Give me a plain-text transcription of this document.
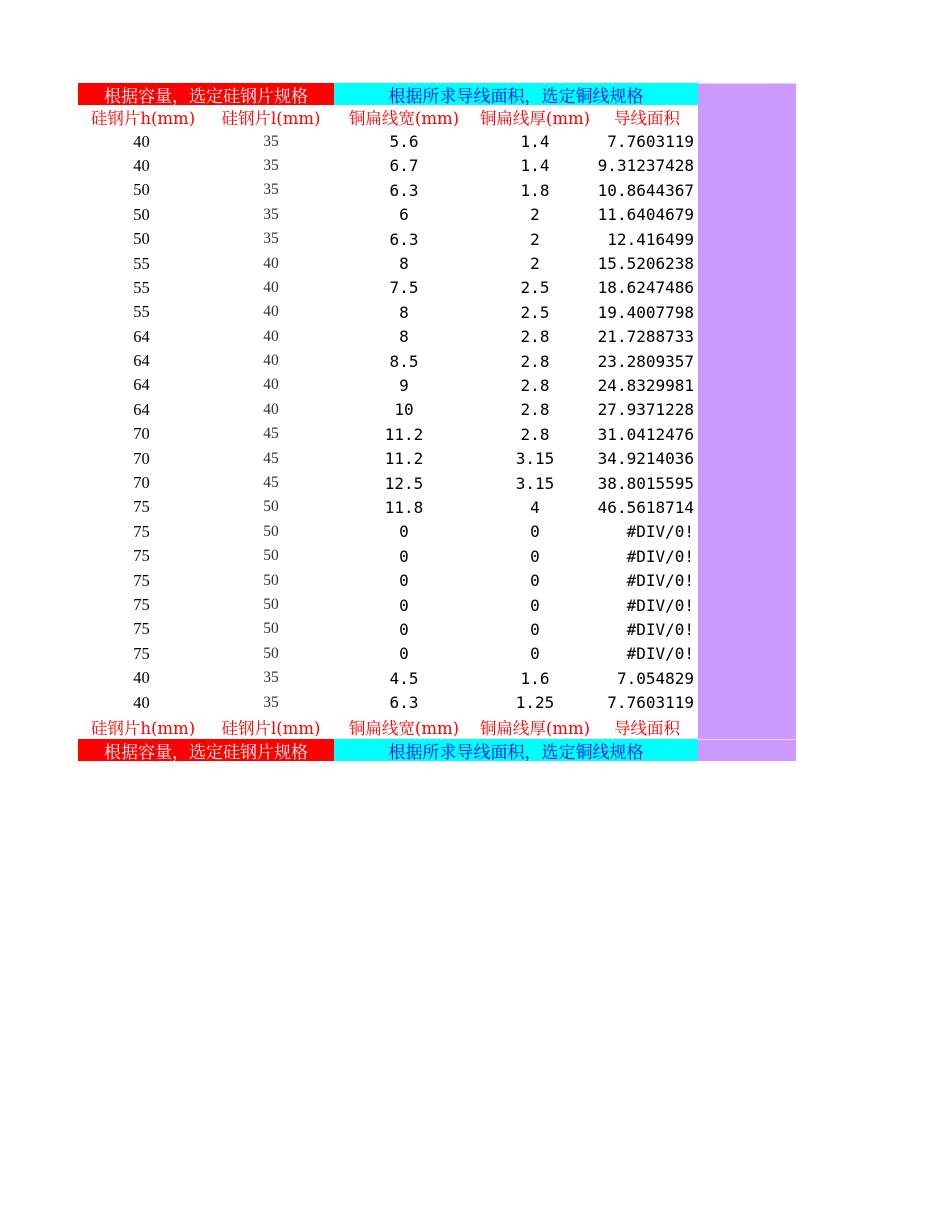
根据容量，选定硅钢片规格	根据所求导线面积，选定铜线规格
硅钢片h(mm)	硅钢片l(mm)	铜扁线宽(mm)	铜扁线厚(mm)	导线面积
40	35	5.6	1.4	7.7603119
40	35	6.7	1.4	9.31237428
50	35	6.3	1.8	10.8644367
50	35	6	2	11.6404679
50	35	6.3	2	12.416499
55	40	8	2	15.5206238
55	40	7.5	2.5	18.6247486
55	40	8	2.5	19.4007798
64	40	8	2.8	21.7288733
64	40	8.5	2.8	23.2809357
64	40	9	2.8	24.8329981
64	40	10	2.8	27.9371228
70	45	11.2	2.8	31.0412476
70	45	11.2	3.15	34.9214036
70	45	12.5	3.15	38.8015595
75	50	11.8	4	46.5618714
75	50	0	0	#DIV/0!
75	50	0	0	#DIV/0!
75	50	0	0	#DIV/0!
75	50	0	0	#DIV/0!
75	50	0	0	#DIV/0!
75	50	0	0	#DIV/0!
40	35	4.5	1.6	7.054829
40	35	6.3	1.25	7.7603119
硅钢片h(mm)	硅钢片l(mm)	铜扁线宽(mm)	铜扁线厚(mm)	导线面积
根据容量，选定硅钢片规格	根据所求导线面积，选定铜线规格
